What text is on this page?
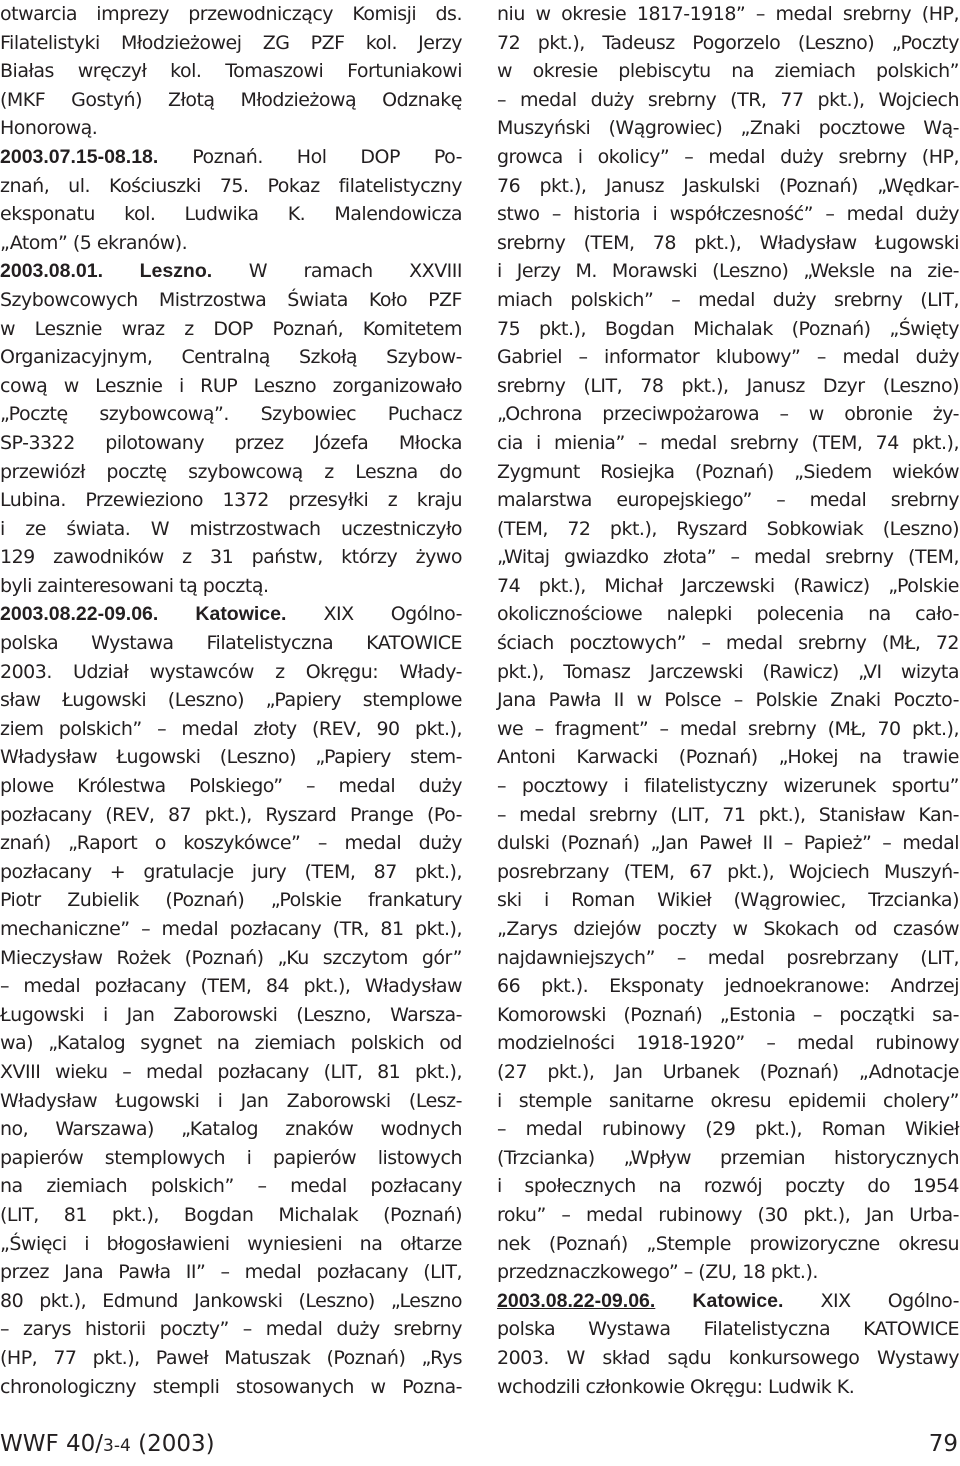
otwarcia imprezy przewodniczący Komisji ds.
Filatelistyki Młodzieżowej ZG PZF kol. Jerzy
Białas wręczył kol. Tomaszowi Fortuniakowi
(MKF Gostyń) Złotą Młodzieżową Odznakę
Honorową.
2003.07.15-08.18. Poznań. Hol DOP Po-
znań, ul. Kościuszki 75. Pokaz filatelistyczny
eksponatu kol. Ludwika K. Malendowicza
„Atom” (5 ekranów).
2003.08.01. Leszno. W ramach XXVIII
Szybowcowych Mistrzostwa Świata Koło PZF
w Lesznie wraz z DOP Poznań, Komitetem
Organizacyjnym, Centralną Szkołą Szybow-
cową w Lesznie i RUP Leszno zorganizowało
„Pocztę szybowcową”. Szybowiec Puchacz
SP-3322 pilotowany przez Józefa Młocka
przewiózł pocztę szybowcową z Leszna do
Lubina. Przewieziono 1372 przesyłki z kraju
i ze świata. W mistrzostwach uczestniczyło
129 zawodników z 31 państw, którzy żywo
byli zainteresowani tą pocztą.
2003.08.22-09.06. Katowice. XIX Ogólno-
polska Wystawa Filatelistyczna KATOWICE
2003. Udział wystawców z Okręgu: Włady-
sław Ługowski (Leszno) „Papiery stemplowe
ziem polskich” – medal złoty (REV, 90 pkt.),
Władysław Ługowski (Leszno) „Papiery stem-
plowe Królestwa Polskiego” – medal duży
pozłacany (REV, 87 pkt.), Ryszard Prange (Po-
znań) „Raport o koszykówce” – medal duży
pozłacany + gratulacje jury (TEM, 87 pkt.),
Piotr Zubielik (Poznań) „Polskie frankatury
mechaniczne” – medal pozłacany (TR, 81 pkt.),
Mieczysław Rożek (Poznań) „Ku szczytom gór”
– medal pozłacany (TEM, 84 pkt.), Władysław
Ługowski i Jan Zaborowski (Leszno, Warsza-
wa) „Katalog sygnet na ziemiach polskich od
XVIII wieku – medal pozłacany (LIT, 81 pkt.),
Władysław Ługowski i Jan Zaborowski (Lesz-
no, Warszawa) „Katalog znaków wodnych
papierów stemplowych i papierów listowych
na ziemiach polskich” – medal pozłacany
(LIT, 81 pkt.), Bogdan Michalak (Poznań)
„Święci i błogosławieni wyniesieni na ołtarze
przez Jana Pawła II” – medal pozłacany (LIT,
80 pkt.), Edmund Jankowski (Leszno) „Leszno
– zarys historii poczty” – medal duży srebrny
(HP, 77 pkt.), Paweł Matuszak (Poznań) „Rys
chronologiczny stempli stosowanych w Pozna-
niu w okresie 1817-1918” – medal srebrny (HP,
72 pkt.), Tadeusz Pogorzelo (Leszno) „Poczty
w okresie plebiscytu na ziemiach polskich”
– medal duży srebrny (TR, 77 pkt.), Wojciech
Muszyński (Wągrowiec) „Znaki pocztowe Wą-
growca i okolicy” – medal duży srebrny (HP,
76 pkt.), Janusz Jaskulski (Poznań) „Wędkar-
stwo – historia i współczesność” – medal duży
srebrny (TEM, 78 pkt.), Władysław Ługowski
i Jerzy M. Morawski (Leszno) „Weksle na zie-
miach polskich” – medal duży srebrny (LIT,
75 pkt.), Bogdan Michalak (Poznań) „Święty
Gabriel – informator klubowy” – medal duży
srebrny (LIT, 78 pkt.), Janusz Dzyr (Leszno)
„Ochrona przeciwpożarowa – w obronie ży-
cia i mienia” – medal srebrny (TEM, 74 pkt.),
Zygmunt Rosiejka (Poznań) „Siedem wieków
malarstwa europejskiego” – medal srebrny
(TEM, 72 pkt.), Ryszard Sobkowiak (Leszno)
„Witaj gwiazdko złota” – medal srebrny (TEM,
74 pkt.), Michał Jarczewski (Rawicz) „Polskie
okolicznościowe nalepki polecenia na cało-
ściach pocztowych” – medal srebrny (MŁ, 72
pkt.), Tomasz Jarczewski (Rawicz) „VI wizyta
Jana Pawła II w Polsce – Polskie Znaki Poczto-
we – fragment” – medal srebrny (MŁ, 70 pkt.),
Antoni Karwacki (Poznań) „Hokej na trawie
– pocztowy i filatelistyczny wizerunek sportu”
– medal srebrny (LIT, 71 pkt.), Stanisław Kan-
dulski (Poznań) „Jan Paweł II – Papież” – medal
posrebrzany (TEM, 67 pkt.), Wojciech Muszyń-
ski i Roman Wikieł (Wągrowiec, Trzcianka)
„Zarys dziejów poczty w Skokach od czasów
najdawniejszych” – medal posrebrzany (LIT,
66 pkt.). Eksponaty jednoekranowe: Andrzej
Komorowski (Poznań) „Estonia – początki sa-
modzielności 1918-1920” – medal rubinowy
(27 pkt.), Jan Urbanek (Poznań) „Adnotacje
i stemple sanitarne okresu epidemii cholery”
– medal rubinowy (29 pkt.), Roman Wikieł
(Trzcianka) „Wpływ przemian historycznych
i społecznych na rozwój poczty do 1954
roku” – medal rubinowy (30 pkt.), Jan Urba-
nek (Poznań) „Stemple prowizoryczne okresu
przedznaczkowego” – (ZU, 18 pkt.).
2003.08.22-09.06. Katowice. XIX Ogólno-
polska Wystawa Filatelistyczna KATOWICE
2003. W skład sądu konkursowego Wystawy
wchodzili członkowie Okręgu: Ludwik K.
WWF 40/3-4 (2003)	79
